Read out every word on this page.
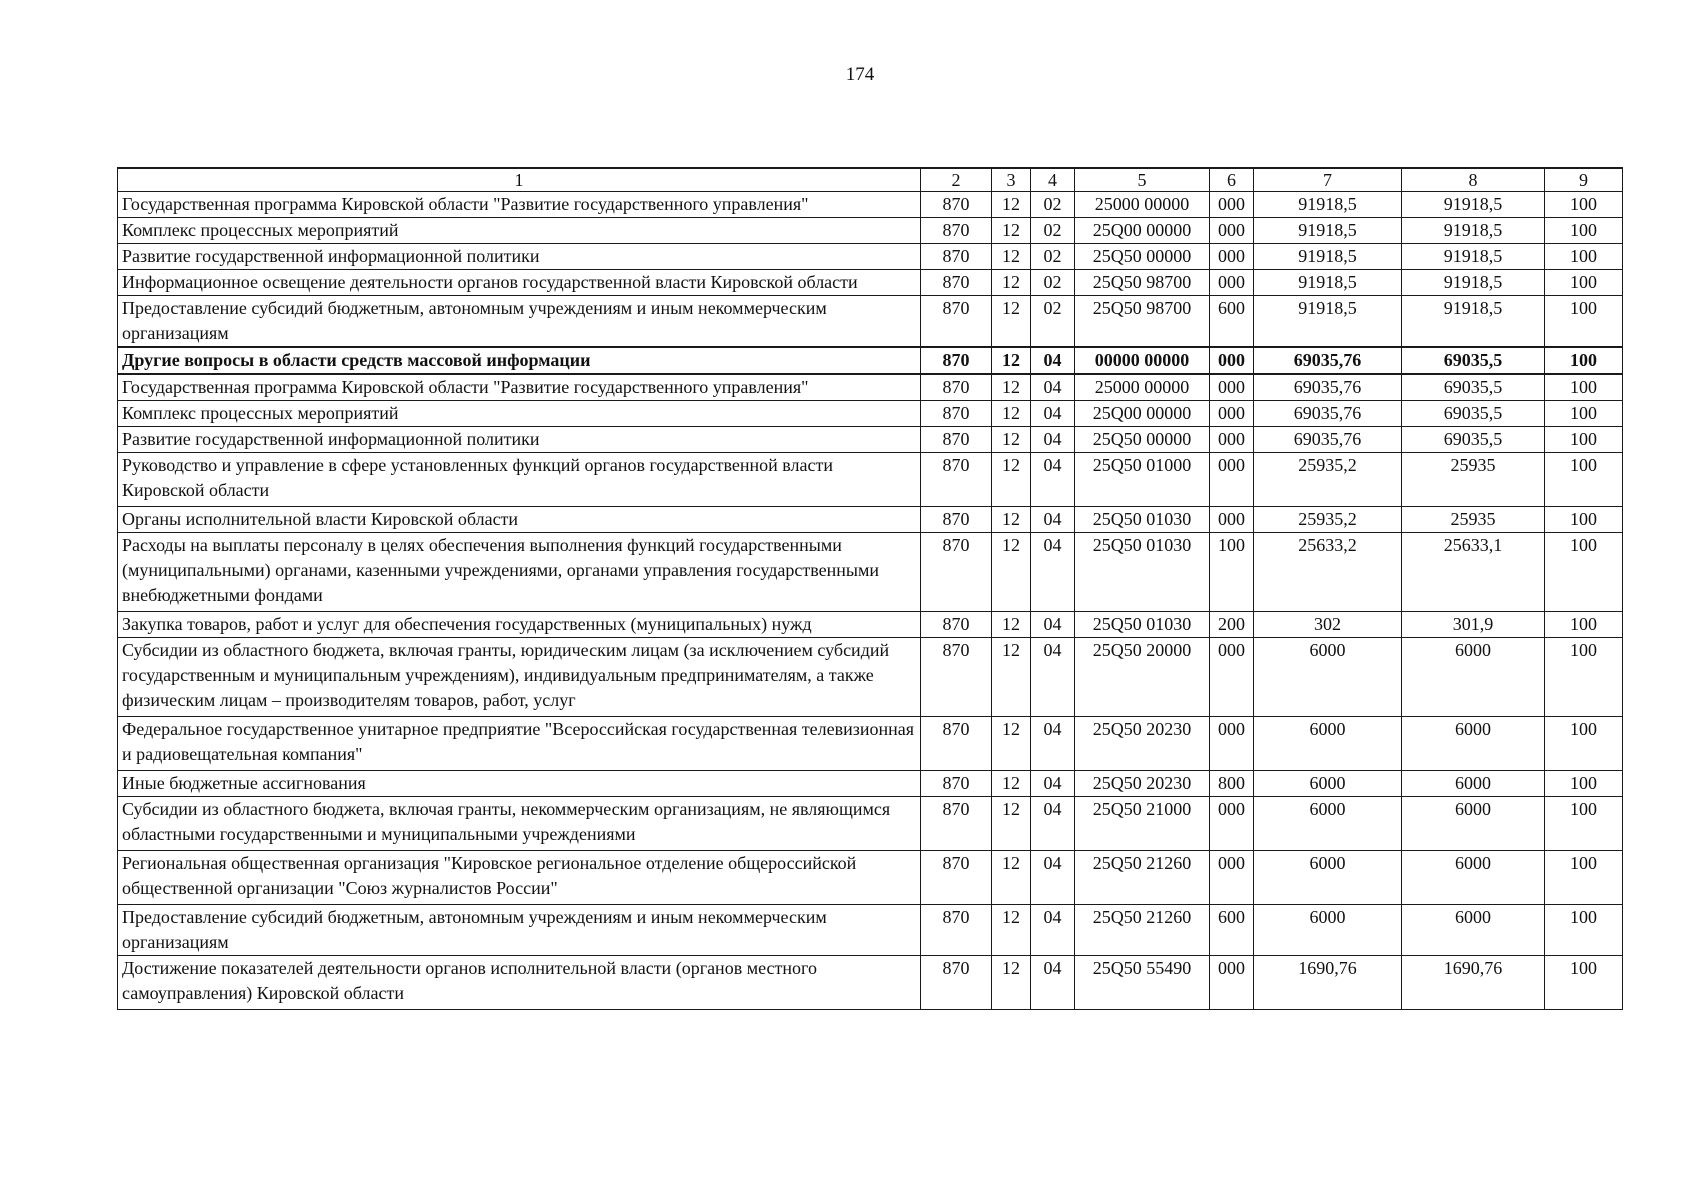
174
1	2	3	4	5	6	7	8	9
Государственная программа Кировской области "Развитие государственного управления"	870	12	02	25000 00000	000	91918,5	91918,5	100
Комплекс процессных мероприятий	870	12	02	25Q00 00000	000	91918,5	91918,5	100
Развитие государственной информационной политики	870	12	02	25Q50 00000	000	91918,5	91918,5	100
Информационное освещение деятельности органов государственной власти Кировской области	870	12	02	25Q50 98700	000	91918,5	91918,5	100
Предоставление субсидий бюджетным, автономным учреждениям и иным некоммерческим организациям	870	12	02	25Q50 98700	600	91918,5	91918,5	100
Другие вопросы в области средств массовой информации	870	12	04	00000 00000	000	69035,76	69035,5	100
Государственная программа Кировской области "Развитие государственного управления"	870	12	04	25000 00000	000	69035,76	69035,5	100
Комплекс процессных мероприятий	870	12	04	25Q00 00000	000	69035,76	69035,5	100
Развитие государственной информационной политики	870	12	04	25Q50 00000	000	69035,76	69035,5	100
Руководство и управление в сфере установленных функций органов государственной власти Кировской области	870	12	04	25Q50 01000	000	25935,2	25935	100
Органы исполнительной власти Кировской области	870	12	04	25Q50 01030	000	25935,2	25935	100
Расходы на выплаты персоналу в целях обеспечения выполнения функций государственными (муниципальными) органами, казенными учреждениями, органами управления государственными внебюджетными фондами	870	12	04	25Q50 01030	100	25633,2	25633,1	100
Закупка товаров, работ и услуг для обеспечения государственных (муниципальных) нужд	870	12	04	25Q50 01030	200	302	301,9	100
Субсидии из областного бюджета, включая гранты, юридическим лицам (за исключением субсидий государственным и муниципальным учреждениям), индивидуальным предпринимателям, а также физическим лицам – производителям товаров, работ, услуг	870	12	04	25Q50 20000	000	6000	6000	100
Федеральное государственное унитарное предприятие "Всероссийская государственная телевизионная и радиовещательная компания"	870	12	04	25Q50 20230	000	6000	6000	100
Иные бюджетные ассигнования	870	12	04	25Q50 20230	800	6000	6000	100
Субсидии из областного бюджета, включая гранты, некоммерческим организациям, не являющимся областными государственными и муниципальными учреждениями	870	12	04	25Q50 21000	000	6000	6000	100
Региональная общественная организация "Кировское региональное отделение общероссийской общественной организации "Союз журналистов России"	870	12	04	25Q50 21260	000	6000	6000	100
Предоставление субсидий бюджетным, автономным учреждениям и иным некоммерческим организациям	870	12	04	25Q50 21260	600	6000	6000	100
Достижение показателей деятельности органов исполнительной власти (органов местного самоуправления) Кировской области	870	12	04	25Q50 55490	000	1690,76	1690,76	100
